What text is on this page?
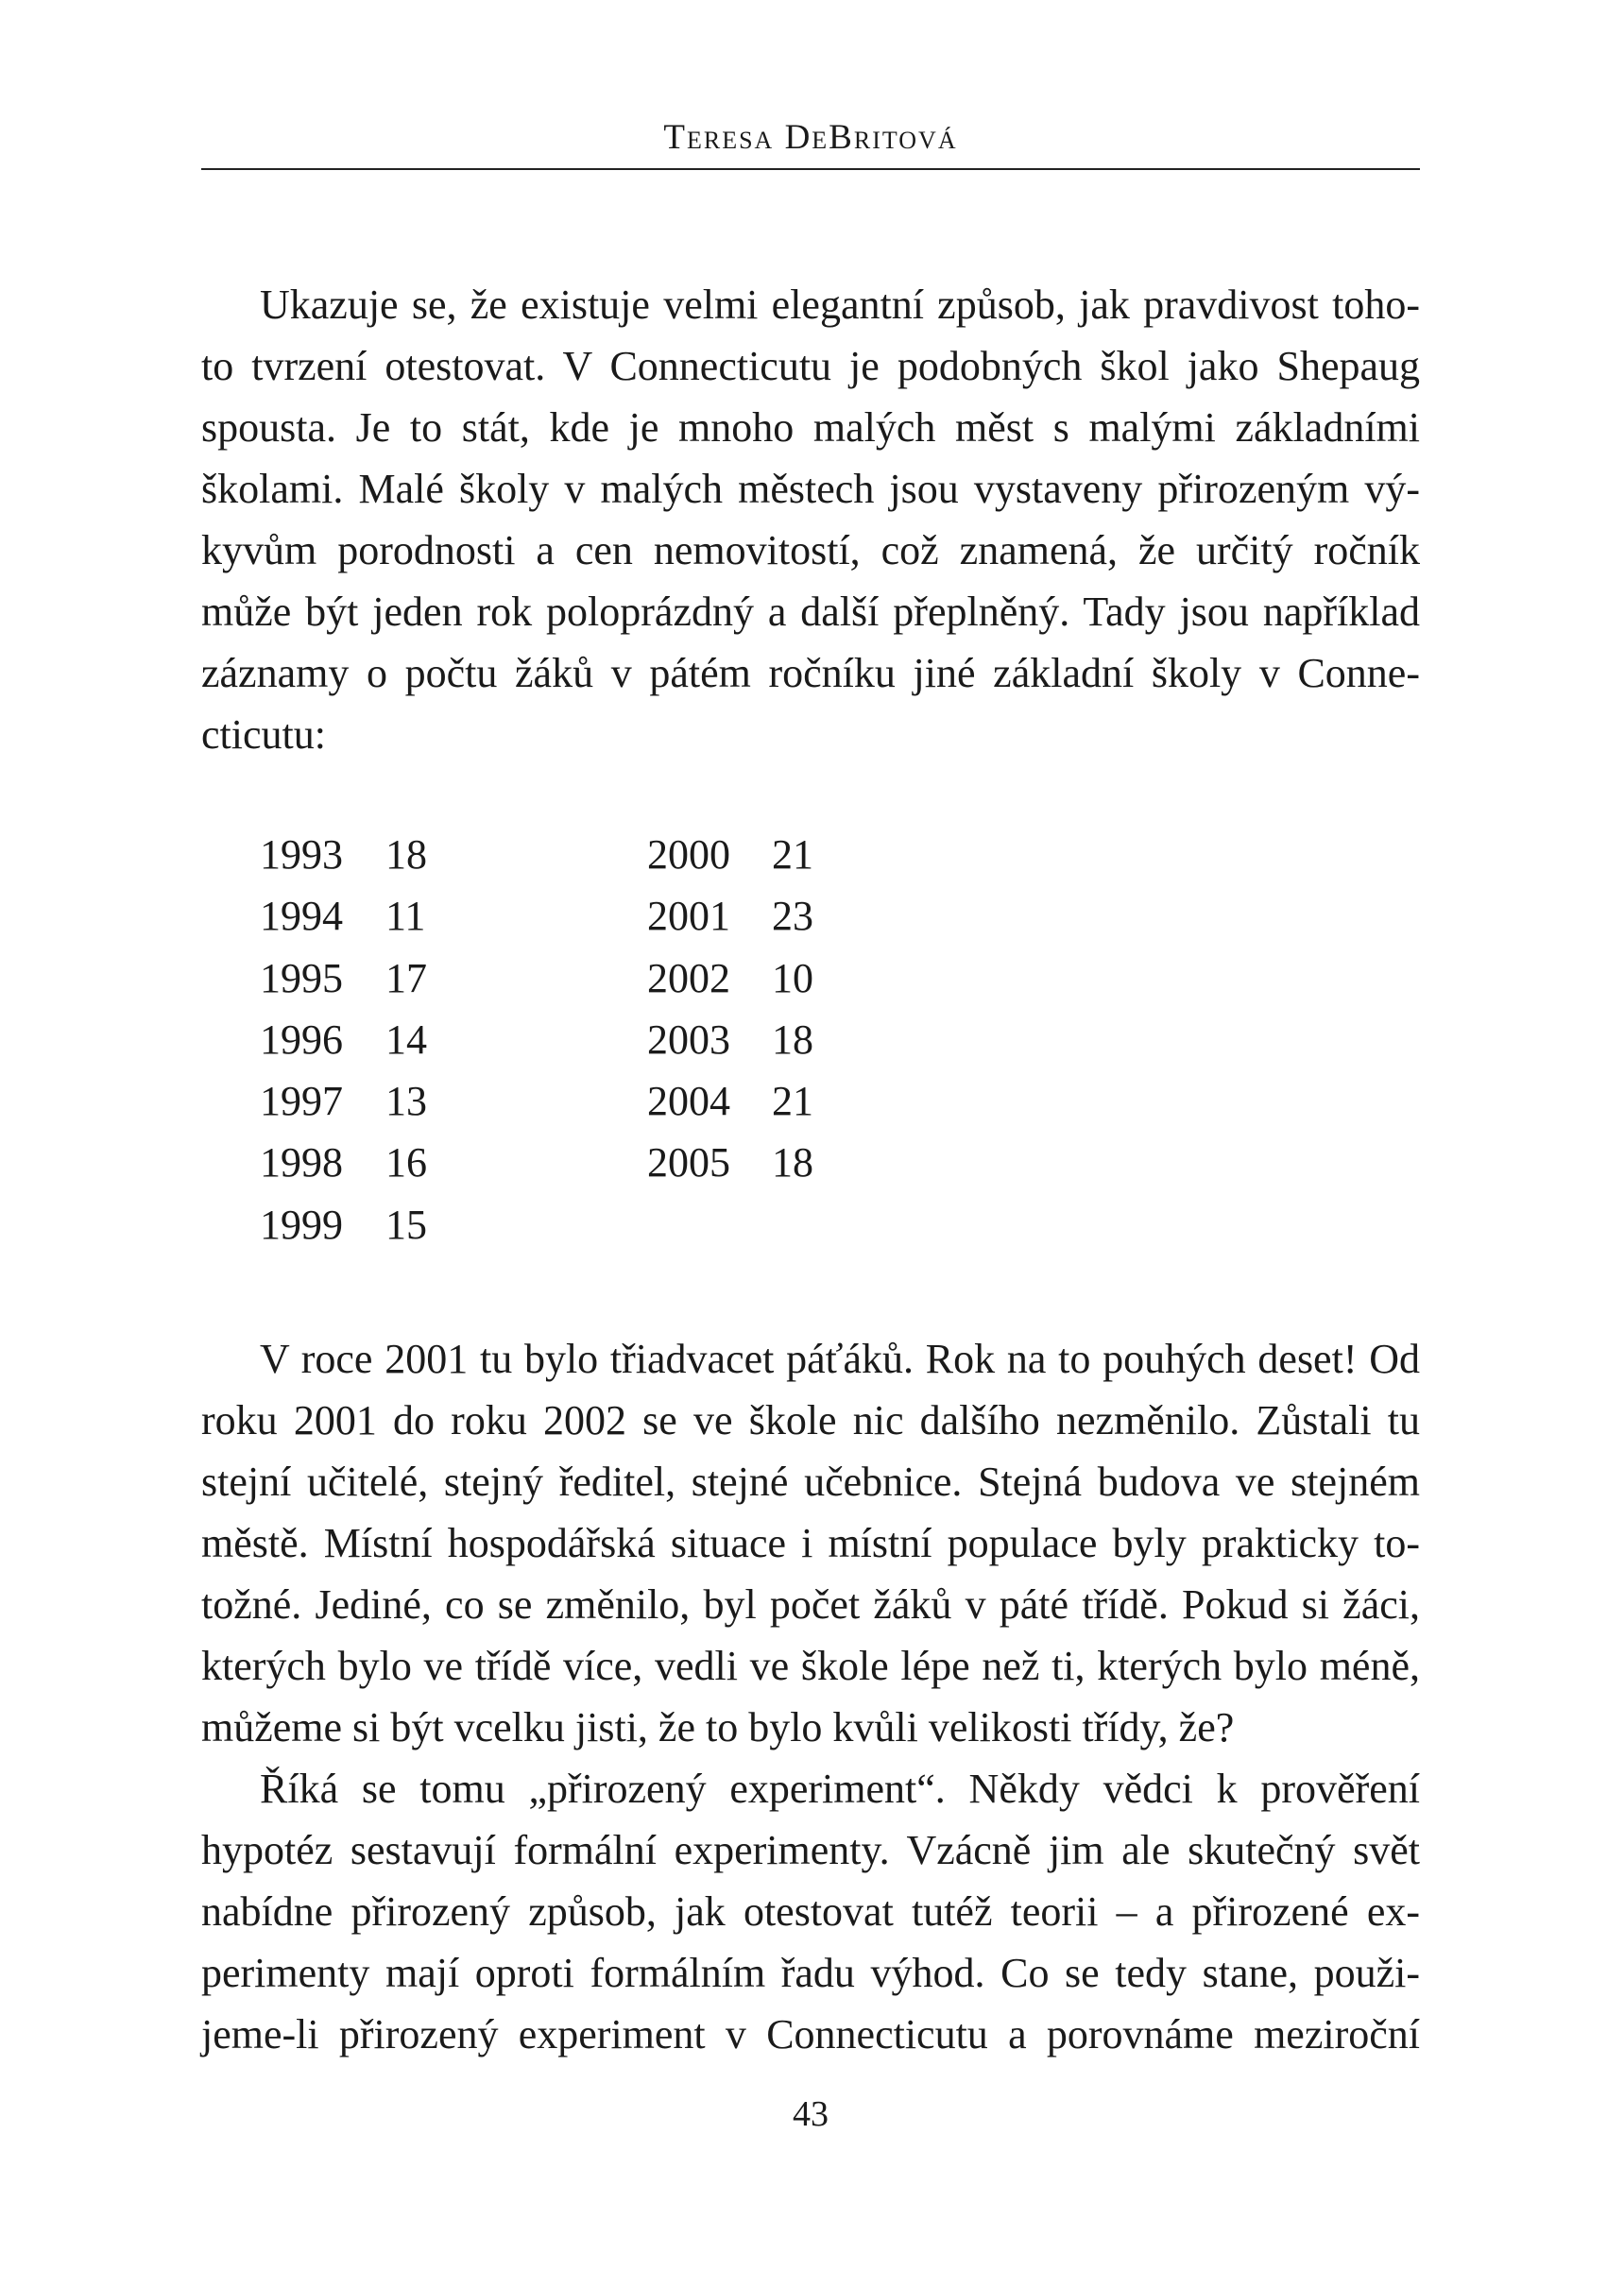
Teresa DeBritová

Ukazuje se, že existuje velmi elegantní způsob, jak pravdivost toho-
to tvrzení otestovat. V Connecticutu je podobných škol jako Shepaug
spousta. Je to stát, kde je mnoho malých měst s malými základními
školami. Malé školy v malých městech jsou vystaveny přirozeným vý-
kyvům porodnosti a cen nemovitostí, což znamená, že určitý ročník
může být jeden rok poloprázdný a další přeplněný. Tady jsou například
záznamy o počtu žáků v pátém ročníku jiné základní školy v Conne-
cticutu:

1993 18	2000 21
1994 11	2001 23
1995 17	2002 10
1996 14	2003 18
1997 13	2004 21
1998 16	2005 18
1999 15

V roce 2001 tu bylo třiadvacet páťáků. Rok na to pouhých deset! Od
roku 2001 do roku 2002 se ve škole nic dalšího nezměnilo. Zůstali tu
stejní učitelé, stejný ředitel, stejné učebnice. Stejná budova ve stejném
městě. Místní hospodářská situace i místní populace byly prakticky to-
tožné. Jediné, co se změnilo, byl počet žáků v páté třídě. Pokud si žáci,
kterých bylo ve třídě více, vedli ve škole lépe než ti, kterých bylo méně,
můžeme si být vcelku jisti, že to bylo kvůli velikosti třídy, že?

Říká se tomu „přirozený experiment“. Někdy vědci k prověření
hypotéz sestavují formální experimenty. Vzácně jim ale skutečný svět
nabídne přirozený způsob, jak otestovat tutéž teorii – a přirozené ex-
perimenty mají oproti formálním řadu výhod. Co se tedy stane, použi-
jeme-li přirozený experiment v Connecticutu a porovnáme meziroční

43
